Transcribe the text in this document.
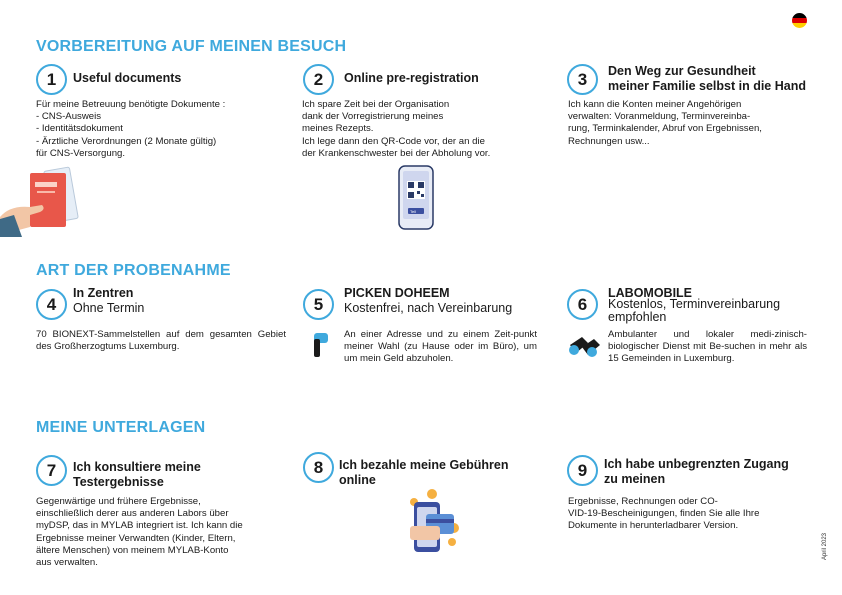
VORBEREITUNG AUF MEINEN BESUCH
1	Useful documents
Für meine Betreuung benötigte Dokumente :
- CNS-Ausweis
- Identitätsdokument
- Ärztliche Verordnungen (2 Monate gültig)
für CNS-Versorgung.
2	Online pre-registration
Ich spare Zeit bei der Organisation
dank der Vorregistrierung meines
meines Rezepts.
Ich lege dann den QR-Code vor, der an die
der Krankenschwester bei der Abholung vor.
3	Den Weg zur Gesundheit
meiner Familie selbst in die Hand
Ich kann die Konten meiner Angehörigen
verwalten: Voranmeldung, Terminvereinba-
rung, Terminkalender, Abruf von Ergebnissen,
Rechnungen usw...
Tell
ART DER PROBENAHME
4
In Zentren
Ohne Termin
70 BIONEXT-Sammelstellen auf dem gesamten Gebiet des Großherzogtums Luxemburg.
5
PICKEN DOHEEM
Kostenfrei, nach Vereinbarung
An einer Adresse und zu einem Zeit-punkt meiner Wahl (zu Hause oder im Büro), um um mein Geld abzuholen.
6
LABOMOBILE
Kostenlos, Terminvereinbarung
empfohlen
Ambulanter und lokaler medi-zinisch-biologischer Dienst mit Be-suchen in mehr als 15 Gemeinden in Luxemburg.
MEINE UNTERLAGEN
7	Ich konsultiere meine
Testergebnisse
Gegenwärtige und frühere Ergebnisse,
einschließlich derer aus anderen Labors über
myDSP, das in MYLAB integriert ist. Ich kann die
Ergebnisse meiner Verwandten (Kinder, Eltern,
ältere Menschen) von meinem MYLAB-Konto
aus verwalten.
8	Ich bezahle meine Gebühren
online
9	Ich habe unbegrenzten Zugang
zu meinen
Ergebnisse, Rechnungen oder CO-
VID-19-Bescheinigungen, finden Sie alle Ihre
Dokumente in herunterladbarer Version.
April 2023
